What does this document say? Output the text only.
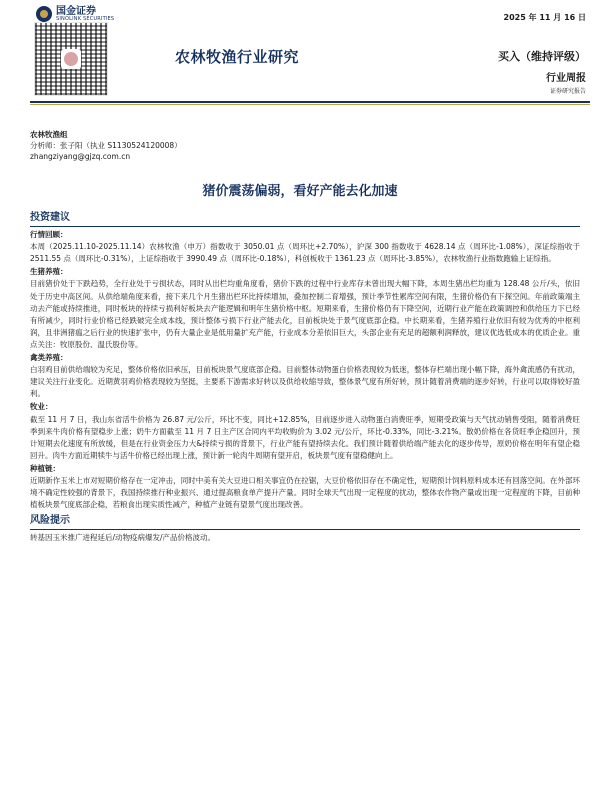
国金证券
SINOLINK SECURITIES	2025 年 11 月 16 日
农林牧渔行业研究	买入（维持评级）
行业周报
证券研究报告
农林牧渔组
分析师：张子阳（执业 S1130524120008）
zhangziyang@gjzq.com.cn
猪价震荡偏弱，看好产能去化加速
投资建议
行情回顾：

本周（2025.11.10-2025.11.14）农林牧渔（申万）指数收于 3050.01 点（周环比+2.70%），沪深 300 指数收于 4628.14 点（周环比-1.08%），深证综指收于 2511.55 点（周环比-0.31%），上证综指收于 3990.49 点（周环比-0.18%），科创板收于 1361.23 点（周环比-3.85%），农林牧渔行业指数跑输上证综指。

生猪养殖：

目前猪价处于下跌趋势，全行业处于亏损状态，同时从出栏均重角度看，猪价下跌的过程中行业库存未曾出现大幅下降，本周生猪出栏均重为 128.48 公斤/头，依旧处于历史中高区间。从供给端角度来看，接下来几个月生猪出栏环比持续增加，叠加控制二育增强，预计季节性累库空间有限，生猪价格仍有下探空间。年前政策端主动去产能或持续推进，同时板块的持续亏损利好板块去产能逻辑和明年生猪价格中枢。短期来看，生猪价格仍有下降空间，近期行业产能在政策调控和供给压力下已经有所减少，同时行业价格已经跌破完全成本线，预计整体亏损下行业产能去化，目前板块处于景气度底部企稳。中长期来看，生猪养殖行业依旧有较为优秀的中枢利润，且非洲猪瘟之后行业的快速扩张中，仍有大量企业是低用量扩充产能，行业成本分差依旧巨大，头部企业有充足的超额利润释放，建议优选低成本的优质企业。重点关注：牧原股份、温氏股份等。

禽类养殖：

白羽鸡目前供给端较为充足，整体价格依旧承压，目前板块景气度底部企稳。目前整体动物蛋白价格表现较为低迷，整体存栏端出现小幅下降，海外禽流感仍有扰动，建议关注行业变化。近期黄羽鸡价格表现较为坚挺，主要系下游需求好转以及供给收缩导致，整体景气度有所好转，预计随着消费端的逐步好转，行业可以取得较好盈利。

牧业：

截至 11 月 7 日，我山东省活牛价格为 26.87 元/公斤，环比不变，同比+12.85%，目前逐步进入动物蛋白消费旺季，短期受政策与天气扰动销售受阻，随着消费旺季到来牛肉价格有望稳步上涨；奶牛方面截至 11 月 7 日主产区合同内平均收购价为 3.02 元/公斤，环比-0.33%，同比-3.21%。散奶价格在各货旺季企稳回升，预计短期去化速度有所放缓，但是在行业资金压力大&持续亏损的背景下，行业产能有望持续去化。我们预计随着供给端产能去化的逐步传导，原奶价格在明年有望企稳回升。肉牛方面近期犊牛与活牛价格已经出现上涨，预计新一轮肉牛周期有望开启，板块景气度有望稳健向上。

种植链：

近期新作玉米上市对短期价格存在一定冲击，同时中美有关大豆进口相关事宜仍在拉锯，大豆价格依旧存在不确定性，短期预计饲料原料成本还有回落空间。在外部环境不确定性较强的背景下，我国持续推行种业振兴、通过提高粮食单产提升产量。同时全球天气出现一定程度的扰动，整体农作物产量或出现一定程度的下降，目前种植板块景气度底部企稳，若粮食出现实质性减产，种植产业链有望景气度出现改善。

风险提示

转基因玉米推广进程延后/动物疫病爆发/产品价格波动。
